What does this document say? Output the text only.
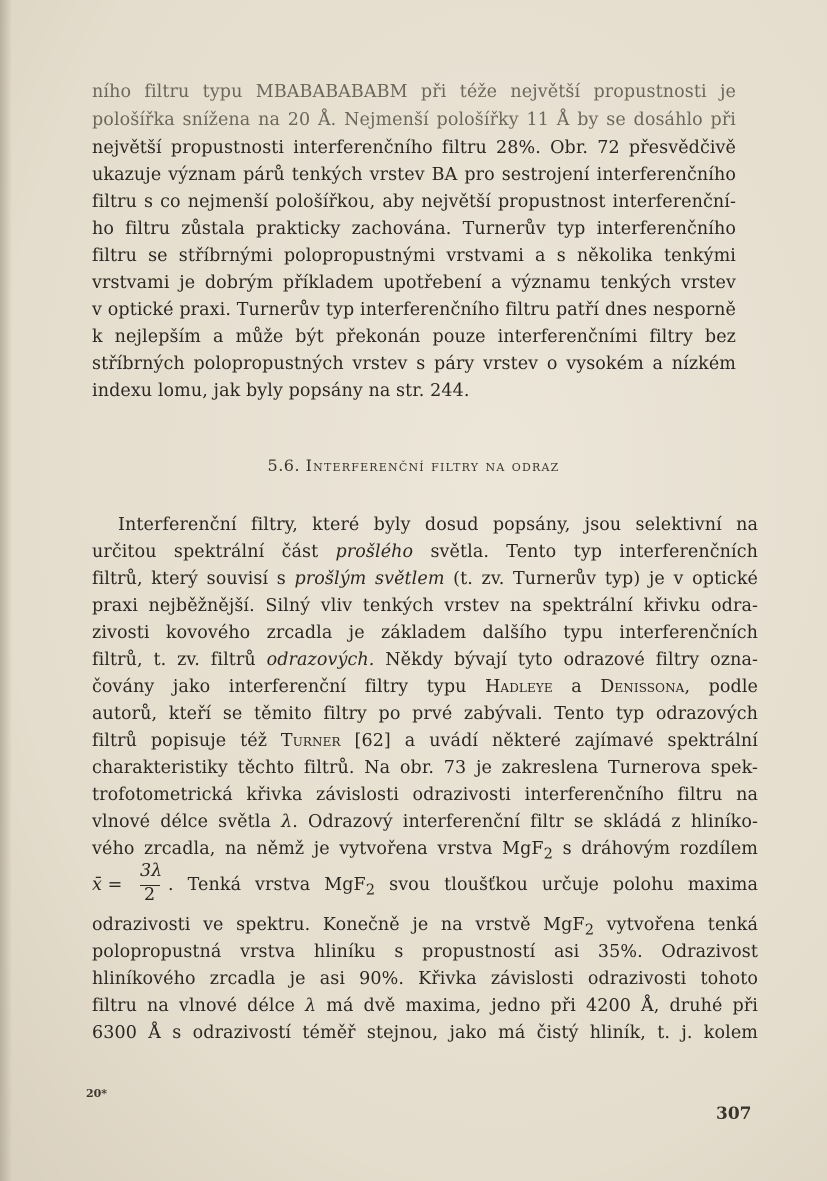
ního filtru typu MBABABABABM při téže největší propustnosti je
pološířka snížena na 20 Å. Nejmenší pološířky 11 Å by se dosáhlo při
největší propustnosti interferenčního filtru 28%. Obr. 72 přesvědčivě
ukazuje význam párů tenkých vrstev BA pro sestrojení interferenčního
filtru s co nejmenší pološířkou, aby největší propustnost interferenční-
ho filtru zůstala prakticky zachována. Turnerův typ interferenčního
filtru se stříbrnými polopropustnými vrstvami a s několika tenkými
vrstvami je dobrým příkladem upotřebení a významu tenkých vrstev
v optické praxi. Turnerův typ interferenčního filtru patří dnes nesporně
k nejlepším a může být překonán pouze interferenčními filtry bez
stříbrných polopropustných vrstev s páry vrstev o vysokém a nízkém
indexu lomu, jak byly popsány na str. 244.
5.6. Interferenční filtry na odraz
Interferenční filtry, které byly dosud popsány, jsou selektivní na
určitou spektrální část prošlého světla. Tento typ interferenčních
filtrů, který souvisí s prošlým světlem (t. zv. Turnerův typ) je v optické
praxi nejběžnější. Silný vliv tenkých vrstev na spektrální křivku odra-
zivosti kovového zrcadla je základem dalšího typu interferenčních
filtrů, t. zv. filtrů odrazových. Někdy bývají tyto odrazové filtry ozna-
čovány jako interferenční filtry typu Hadleye a Denissona, podle
autorů, kteří se těmito filtry po prvé zabývali. Tento typ odrazových
filtrů popisuje též Turner [62] a uvádí některé zajímavé spektrální
charakteristiky těchto filtrů. Na obr. 73 je zakreslena Turnerova spek-
trofotometrická křivka závislosti odrazivosti interferenčního filtru na
vlnové délce světla λ. Odrazový interferenční filtr se skládá z hliníko-
vého zrcadla, na němž je vytvořena vrstva MgF$_2$ s dráhovým rozdílem
x̄ =
3λ
2 . Tenká vrstva MgF$_2$ svou tloušťkou určuje polohu maxima
odrazivosti ve spektru. Konečně je na vrstvě MgF$_2$ vytvořena tenká
polopropustná vrstva hliníku s propustností asi 35%. Odrazivost
hliníkového zrcadla je asi 90%. Křivka závislosti odrazivosti tohoto
filtru na vlnové délce λ má dvě maxima, jedno při 4200 Å, druhé při
6300 Å s odrazivostí téměř stejnou, jako má čistý hliník, t. j. kolem
20*
307
